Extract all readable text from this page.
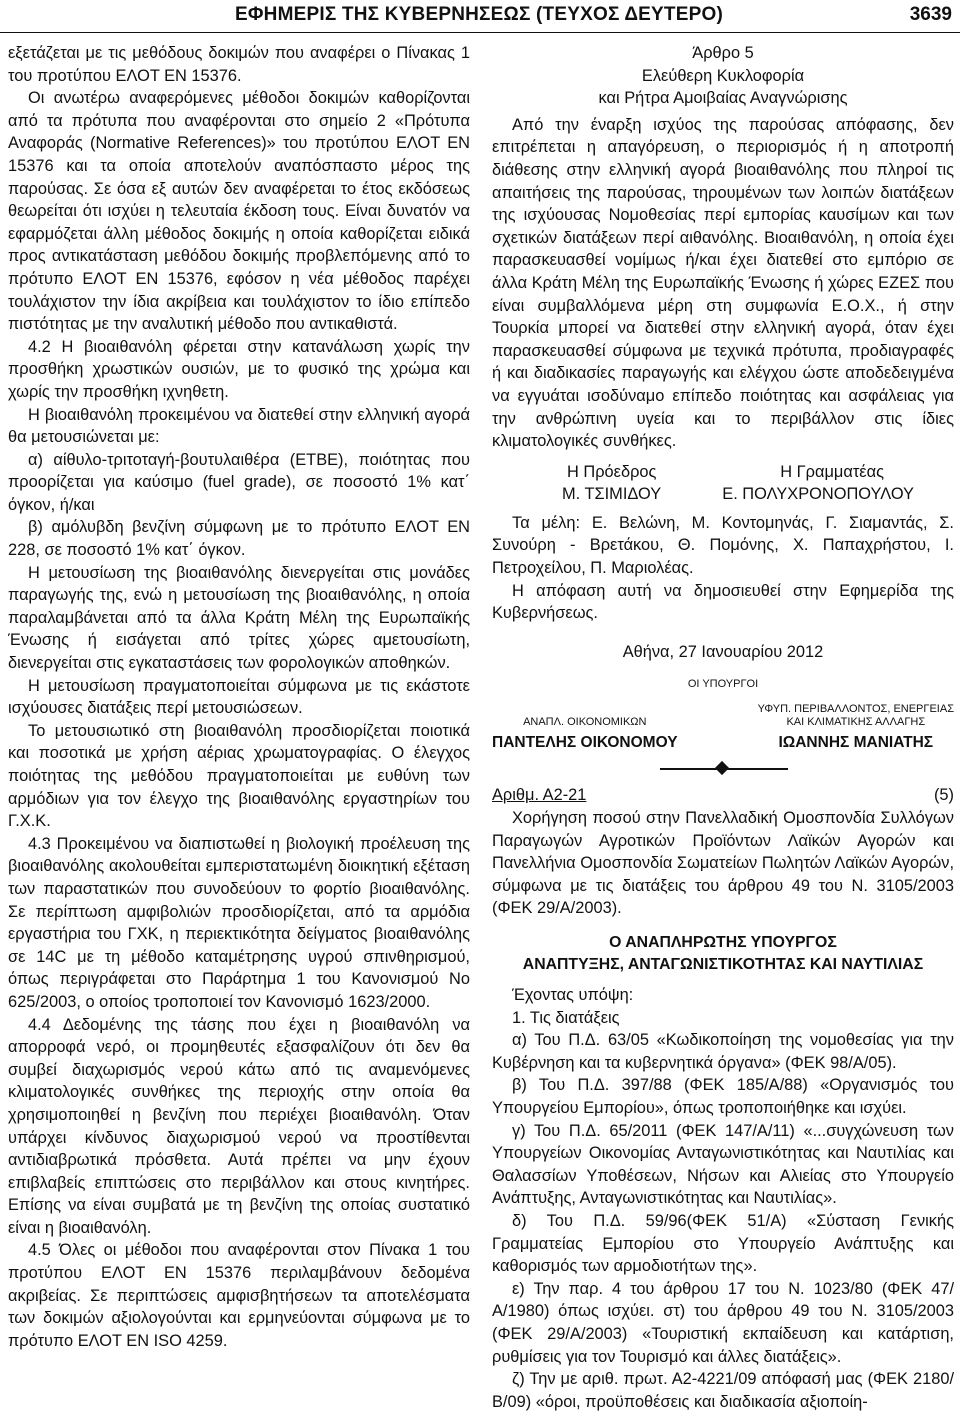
ΕΦΗΜΕΡΙΣ ΤΗΣ ΚΥΒΕΡΝΗΣΕΩΣ (ΤΕΥΧΟΣ ΔΕΥΤΕΡΟ)	3639

εξετάζεται με τις μεθόδους δοκιμών που αναφέρει ο Πίνακας 1 του προτύπου ΕΛΟΤ ΕΝ 15376.

Οι ανωτέρω αναφερόμενες μέθοδοι δοκιμών καθορίζονται από τα πρότυπα που αναφέρονται στο σημείο 2 «Πρότυπα Αναφοράς (Normative References)» του προτύπου ΕΛΟΤ ΕΝ 15376 και τα οποία αποτελούν αναπόσπαστο μέρος της παρούσας. Σε όσα εξ αυτών δεν αναφέρεται το έτος εκδόσεως θεωρείται ότι ισχύει η τελευταία έκδοση τους. Είναι δυνατόν να εφαρμόζεται άλλη μέθοδος δοκιμής η οποία καθορίζεται ειδικά προς αντικατάσταση μεθόδου δοκιμής προβλεπόμενης από το πρότυπο ΕΛΟΤ ΕΝ 15376, εφόσον η νέα μέθοδος παρέχει τουλάχιστον την ίδια ακρίβεια και τουλάχιστον το ίδιο επίπεδο πιστότητας με την αναλυτική μέθοδο που αντικαθιστά.

4.2 Η βιοαιθανόλη φέρεται στην κατανάλωση χωρίς την προσθήκη χρωστικών ουσιών, με το φυσικό της χρώμα και χωρίς την προσθήκη ιχνηθετη.

Η βιοαιθανόλη προκειμένου να διατεθεί στην ελληνική αγορά θα μετουσιώνεται με:

α) αίθυλο-τριτοταγή-βουτυλαιθέρα (ΕΤΒΕ), ποιότητας που προορίζεται για καύσιμο (fuel grade), σε ποσοστό 1% κατ΄ όγκον, ή/και

β) αμόλυβδη βενζίνη σύμφωνη με το πρότυπο ΕΛΟΤ ΕΝ 228, σε ποσοστό 1% κατ΄ όγκον.

Η μετουσίωση της βιοαιθανόλης διενεργείται στις μονάδες παραγωγής της, ενώ η μετουσίωση της βιοαιθανόλης, η οποία παραλαμβάνεται από τα άλλα Κράτη Μέλη της Ευρωπαϊκής Ένωσης ή εισάγεται από τρίτες χώρες αμετουσίωτη, διενεργείται στις εγκαταστάσεις των φορολογικών αποθηκών.

Η μετουσίωση πραγματοποιείται σύμφωνα με τις εκάστοτε ισχύουσες διατάξεις περί μετουσιώσεων.

Το μετουσιωτικό στη βιοαιθανόλη προσδιορίζεται ποιοτικά και ποσοτικά με χρήση αέριας χρωματογραφίας. Ο έλεγχος ποιότητας της μεθόδου πραγματοποιείται με ευθύνη των αρμόδιων για τον έλεγχο της βιοαιθανόλης εργαστηρίων του Γ.Χ.Κ.

4.3 Προκειμένου να διαπιστωθεί η βιολογική προέλευση της βιοαιθανόλης ακολουθείται εμπεριστατωμένη διοικητική εξέταση των παραστατικών που συνοδεύουν το φορτίο βιοαιθανόλης. Σε περίπτωση αμφιβολιών προσδιορίζεται, από τα αρμόδια εργαστήρια του ΓΧΚ, η περιεκτικότητα δείγματος βιοαιθανόλης σε 14C με τη μέθοδο καταμέτρησης υγρού σπινθηρισμού, όπως περιγράφεται στο Παράρτημα 1 του Κανονισμού Νο 625/2003, ο οποίος τροποποιεί τον Κανονισμό 1623/2000.

4.4 Δεδομένης της τάσης που έχει η βιοαιθανόλη να απορροφά νερό, οι προμηθευτές εξασφαλίζουν ότι δεν θα συμβεί διαχωρισμός νερού κάτω από τις αναμενόμενες κλιματολογικές συνθήκες της περιοχής στην οποία θα χρησιμοποιηθεί η βενζίνη που περιέχει βιοαιθανόλη. Όταν υπάρχει κίνδυνος διαχωρισμού νερού να προστίθενται αντιδιαβρωτικά πρόσθετα. Αυτά πρέπει να μην έχουν επιβλαβείς επιπτώσεις στο περιβάλλον και στους κινητήρες. Επίσης να είναι συμβατά με τη βενζίνη της οποίας συστατικό είναι η βιοαιθανόλη.

4.5 Όλες οι μέθοδοι που αναφέρονται στον Πίνακα 1 του προτύπου ΕΛΟΤ ΕΝ 15376 περιλαμβάνουν δεδομένα ακριβείας. Σε περιπτώσεις αμφισβητήσεων τα αποτελέσματα των δοκιμών αξιολογούνται και ερμηνεύονται σύμφωνα με το πρότυπο ΕΛΟΤ ΕΝ ISO 4259.

Άρθρο 5

Ελεύθερη Κυκλοφορία

και Ρήτρα Αμοιβαίας Αναγνώρισης

Από την έναρξη ισχύος της παρούσας απόφασης, δεν επιτρέπεται η απαγόρευση, ο περιορισμός ή η αποτροπή διάθεσης στην ελληνική αγορά βιοαιθανόλης που πληροί τις απαιτήσεις της παρούσας, τηρουμένων των λοιπών διατάξεων της ισχύουσας Νομοθεσίας περί εμπορίας καυσίμων και των σχετικών διατάξεων περί αιθανόλης. Βιοαιθανόλη, η οποία έχει παρασκευασθεί νομίμως ή/και έχει διατεθεί στο εμπόριο σε άλλα Κράτη Μέλη της Ευρωπαϊκής Ένωσης ή χώρες ΕΖΕΣ που είναι συμβαλλόμενα μέρη στη συμφωνία Ε.Ο.Χ., ή στην Τουρκία μπορεί να διατεθεί στην ελληνική αγορά, όταν έχει παρασκευασθεί σύμφωνα με τεχνικά πρότυπα, προδιαγραφές ή και διαδικασίες παραγωγής και ελέγχου ώστε αποδεδειγμένα να εγγυάται ισοδύναμο επίπεδο ποιότητας και ασφάλειας για την ανθρώπινη υγεία και το περιβάλλον στις ίδιες κλιματολογικές συνθήκες.

Η Πρόεδρος	Η Γραμματέας
Μ. ΤΣΙΜΙΔΟΥ	Ε. ΠΟΛΥΧΡΟΝΟΠΟΥΛΟΥ

Τα μέλη: Ε. Βελώνη, Μ. Κοντομηνάς, Γ. Σιαμαντάς, Σ. Συνούρη - Βρετάκου, Θ. Πομόνης, Χ. Παπαχρήστου, Ι. Πετροχείλου, Π. Μαριολέας.

Η απόφαση αυτή να δημοσιευθεί στην Εφημερίδα της Κυβερνήσεως.

Αθήνα, 27 Ιανουαρίου 2012

ΟΙ ΥΠΟΥΡΓΟΙ

ΑΝΑΠΛ. ΟΙΚΟΝΟΜΙΚΩΝ
ΠΑΝΤΕΛΗΣ ΟΙΚΟΝΟΜΟΥ
ΥΦΥΠ. ΠΕΡΙΒΑΛΛΟΝΤΟΣ, ΕΝΕΡΓΕΙΑΣ
ΚΑΙ ΚΛΙΜΑΤΙΚΗΣ ΑΛΛΑΓΗΣ
ΙΩΑΝΝΗΣ ΜΑΝΙΑΤΗΣ
Αριθμ. Α2-21	(5)

Χορήγηση ποσού στην Πανελλαδική Ομοσπονδία Συλλόγων Παραγωγών Αγροτικών Προϊόντων Λαϊκών Αγορών και Πανελλήνια Ομοσπονδία Σωματείων Πωλητών Λαϊκών Αγορών, σύμφωνα με τις διατάξεις του άρθρου 49 του Ν. 3105/2003 (ΦΕΚ 29/Α/2003).

Ο ΑΝΑΠΛΗΡΩΤΗΣ ΥΠΟΥΡΓΟΣ

ΑΝΑΠΤΥΞΗΣ, ΑΝΤΑΓΩΝΙΣΤΙΚΟΤΗΤΑΣ ΚΑΙ ΝΑΥΤΙΛΙΑΣ

Έχοντας υπόψη:

1. Τις διατάξεις

α) Του Π.Δ. 63/05 «Κωδικοποίηση της νομοθεσίας για την Κυβέρνηση και τα κυβερνητικά όργανα» (ΦΕΚ 98/Α/05).

β) Του Π.Δ. 397/88 (ΦΕΚ 185/Α/88) «Οργανισμός του Υπουργείου Εμπορίου», όπως τροποποιήθηκε και ισχύει.

γ) Του Π.Δ. 65/2011 (ΦΕΚ 147/Α/11) «...συγχώνευση των Υπουργείων Οικονομίας Ανταγωνιστικότητας και Ναυτιλίας και Θαλασσίων Υποθέσεων, Νήσων και Αλιείας στο Υπουργείο Ανάπτυξης, Ανταγωνιστικότητας και Ναυτιλίας».

δ) Του Π.Δ. 59/96(ΦΕΚ 51/Α) «Σύσταση Γενικής Γραμματείας Εμπορίου στο Υπουργείο Ανάπτυξης και καθορισμός των αρμοδιοτήτων της».

ε) Την παρ. 4 του άρθρου 17 του Ν. 1023/80 (ΦΕΚ 47/Α/1980) όπως ισχύει. στ) του άρθρου 49 του Ν. 3105/2003 (ΦΕΚ 29/Α/2003) «Τουριστική εκπαίδευση και κατάρτιση, ρυθμίσεις για τον Τουρισμό και άλλες διατάξεις».

ζ) Την με αριθ. πρωτ. Α2-4221/09 απόφασή μας (ΦΕΚ 2180/Β/09) «όροι, προϋποθέσεις και διαδικασία αξιοποίη-
